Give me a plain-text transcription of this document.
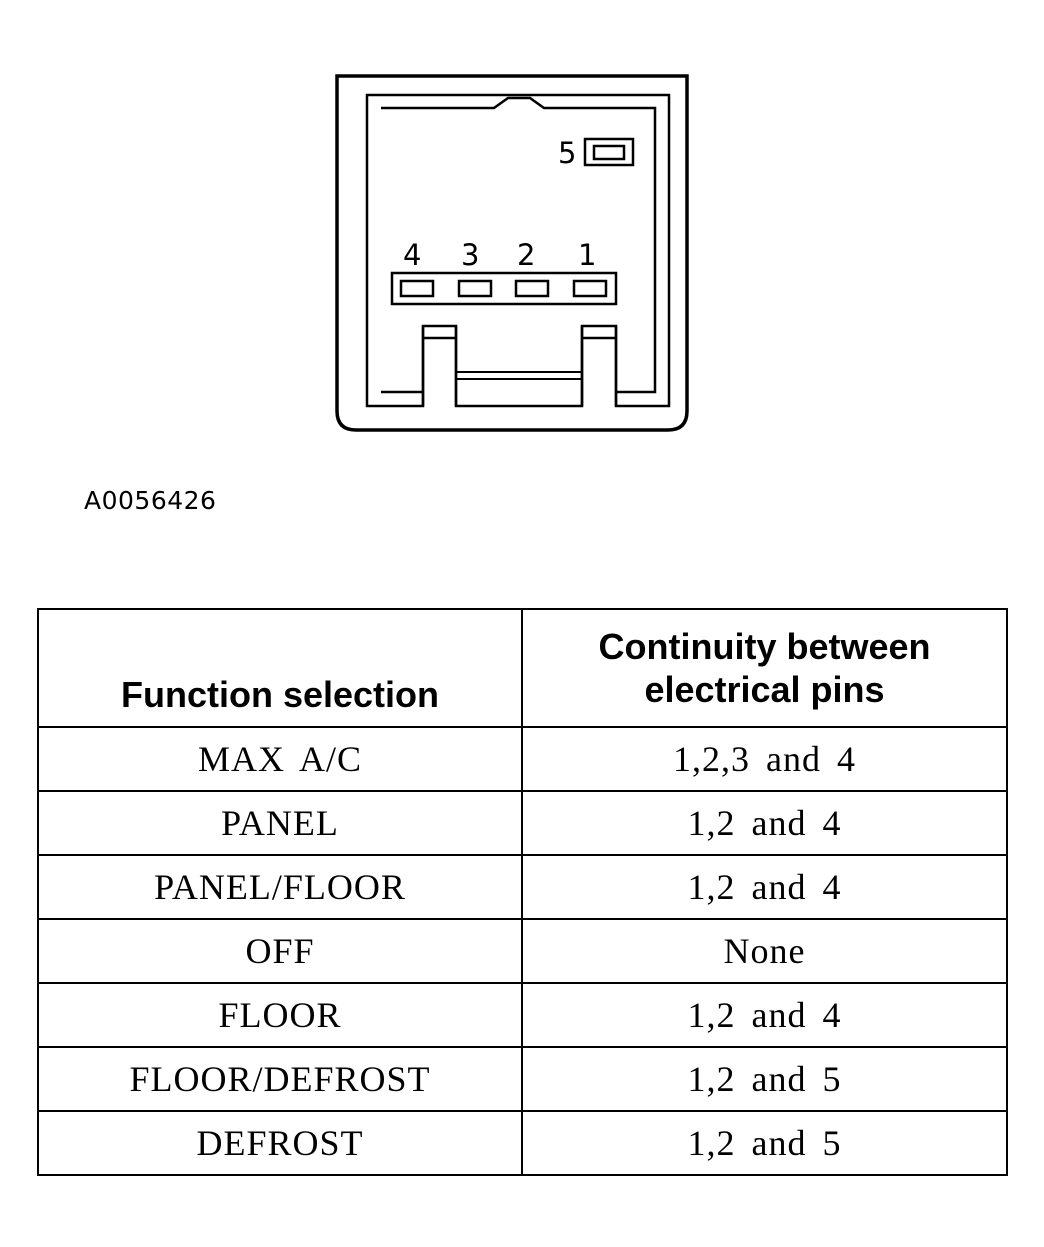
5
4 3 2 1
A0056426
Function selection	Continuity between electrical pins
MAX A/C	1,2,3 and 4
PANEL	1,2 and 4
PANEL/FLOOR	1,2 and 4
OFF	None
FLOOR	1,2 and 4
FLOOR/DEFROST	1,2 and 5
DEFROST	1,2 and 5
